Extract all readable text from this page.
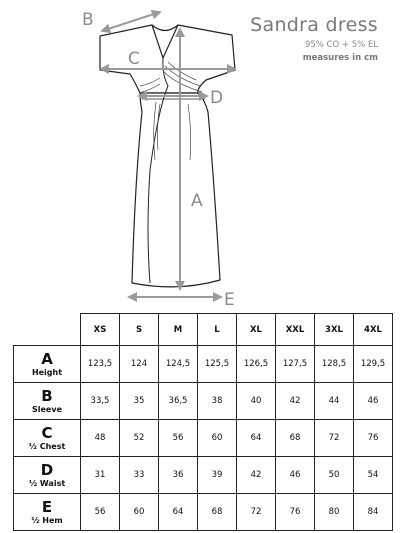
B
C
D
A
E
Sandra dress
95% CO + 5% EL
measures in cm
	XS	S	M	L	XL	XXL	3XL	4XL

A
Height	123,5	124	124,5	125,5	126,5	127,5	128,5	129,5

B
Sleeve	33,5	35	36,5	38	40	42	44	46

C
½ Chest	48	52	56	60	64	68	72	76

D
½ Waist	31	33	36	39	42	46	50	54

E
½ Hem	56	60	64	68	72	76	80	84
